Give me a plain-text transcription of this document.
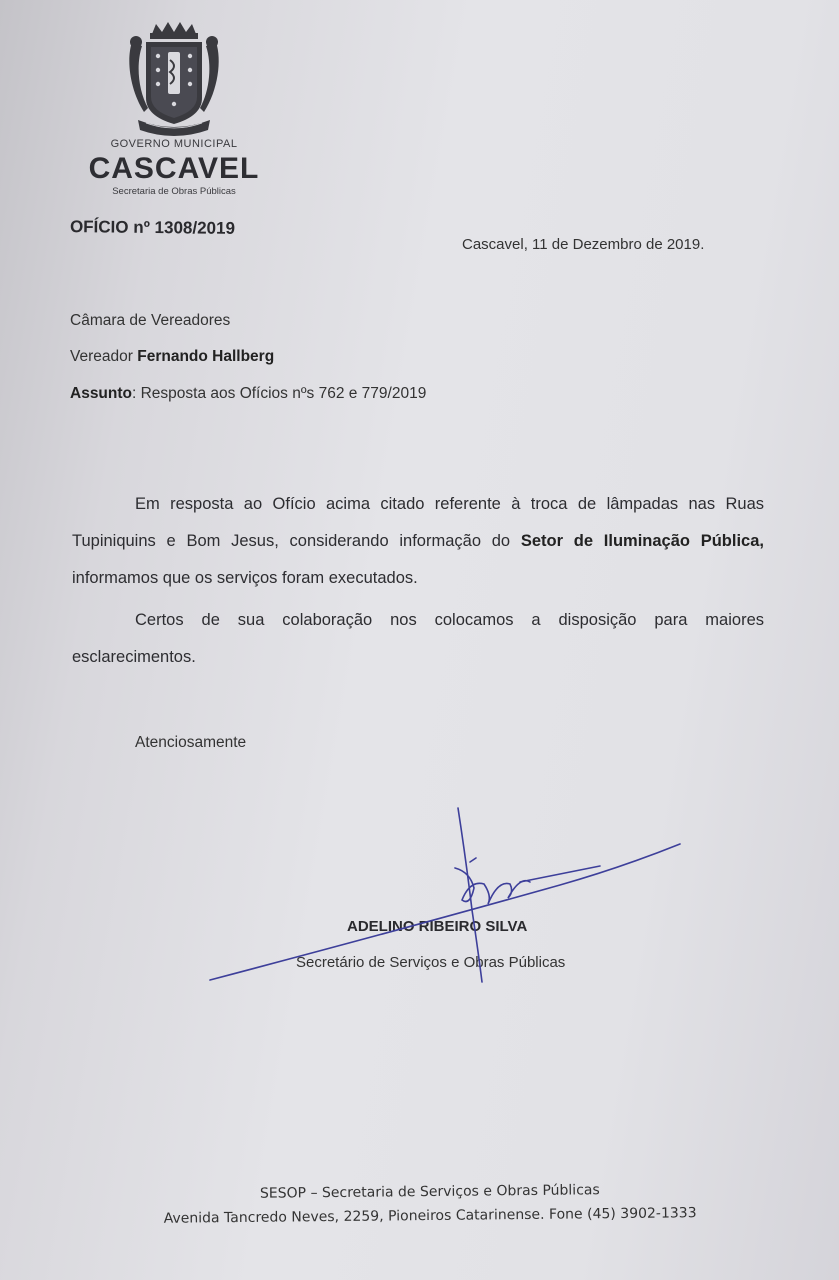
GOVERNO MUNICIPAL
CASCAVEL
Secretaria de Obras Públicas
OFÍCIO nº 1308/2019
Cascavel, 11 de Dezembro de 2019.
Câmara de Vereadores
Vereador Fernando Hallberg
Assunto: Resposta aos Ofícios nºs 762 e 779/2019
Em resposta ao Ofício acima citado referente à troca de lâmpadas nas Ruas Tupiniquins e Bom Jesus, considerando informação do Setor de Iluminação Pública, informamos que os serviços foram executados.
Certos de sua colaboração nos colocamos a disposição para maiores esclarecimentos.
Atenciosamente
ADELINO RIBEIRO SILVA
Secretário de Serviços e Obras Públicas
SESOP – Secretaria de Serviços e Obras Públicas
Avenida Tancredo Neves, 2259, Pioneiros Catarinense. Fone (45) 3902-1333
